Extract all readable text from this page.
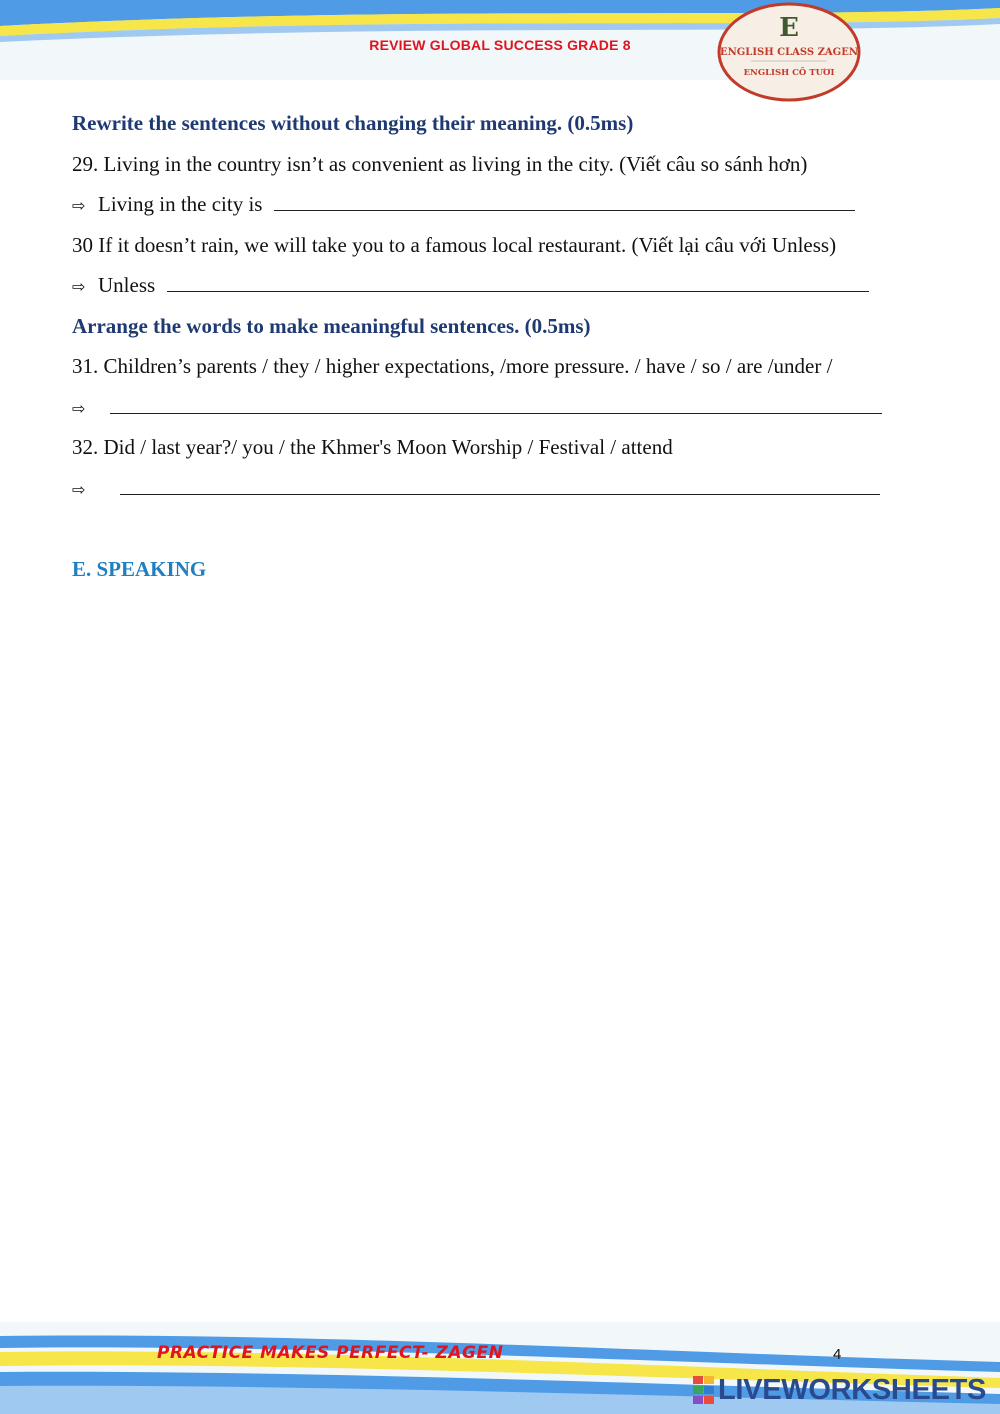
REVIEW GLOBAL SUCCESS GRADE 8
E
ENGLISH CLASS ZAGEN
ENGLISH CÔ TƯƠI
Rewrite the sentences without changing their meaning. (0.5ms)
29. Living in the country isn’t as convenient as living in the city. (Viết câu so sánh hơn)
⇨ Living in the city is
30 If it doesn’t rain, we will take you to a famous local restaurant. (Viết lại câu với Unless)
⇨ Unless
Arrange the words to make meaningful sentences. (0.5ms)
31. Children’s parents / they / higher expectations, /more pressure. / have / so / are /under /
⇨
32. Did / last year?/ you / the Khmer's Moon Worship / Festival / attend
⇨
E. SPEAKING
PRACTICE MAKES PERFECT- ZAGEN	4
LIVEWORKSHEETS
